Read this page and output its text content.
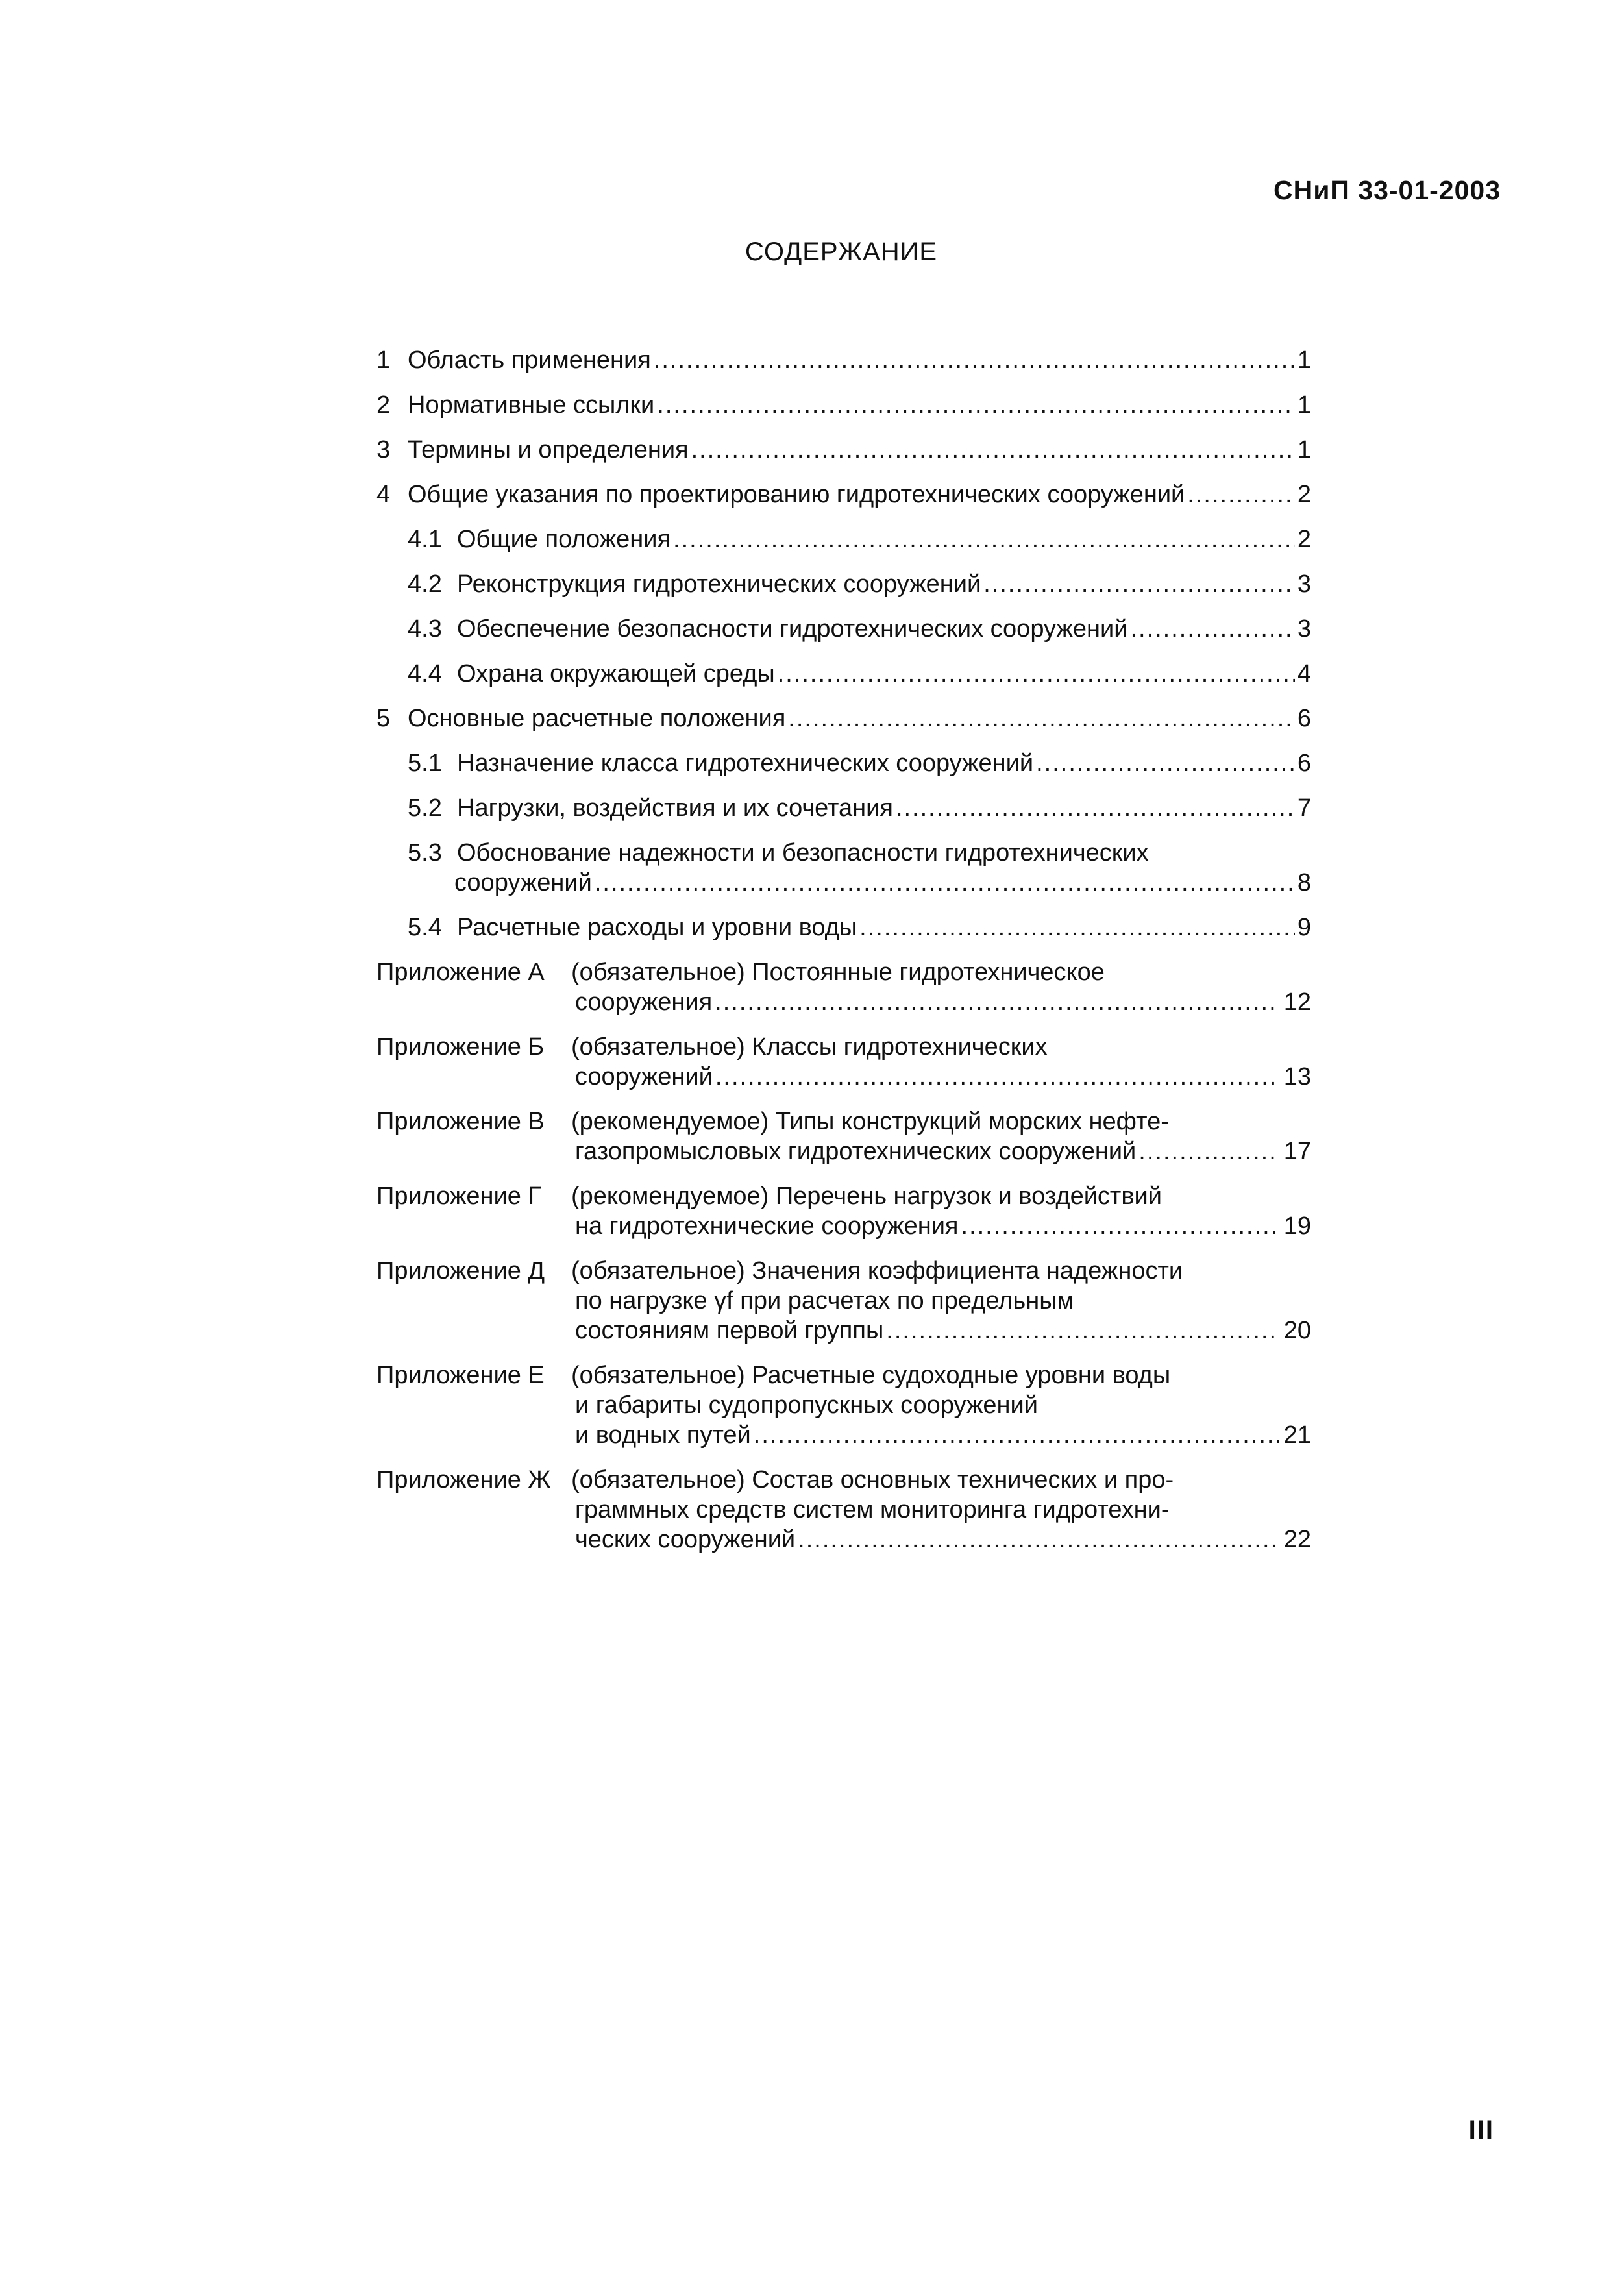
СНиП 33-01-2003
СОДЕРЖАНИЕ
1 Область применения .....	1
2 Нормативные ссылки .....	1
3 Термины и определения .....	1
4 Общие указания по проектированию гидротехнических сооружений .....	2
4.1 Общие положения .....	2
4.2 Реконструкция гидротехнических сооружений .....	3
4.3 Обеспечение безопасности гидротехнических сооружений .....	3
4.4 Охрана окружающей среды .....	4
5 Основные расчетные положения .....	6
5.1 Назначение класса гидротехнических сооружений .....	6
5.2 Нагрузки, воздействия и их сочетания .....	7
5.3 Обоснование надежности и безопасности гидротехнических
сооружений .....	8
5.4 Расчетные расходы и уровни воды .....	9
Приложение А	(обязательное) Постоянные гидротехническое
сооружения .....	12
Приложение Б	(обязательное) Классы гидротехнических
сооружений .....	13
Приложение В	(рекомендуемое) Типы конструкций морских нефте-
газопромысловых гидротехнических сооружений .....	17
Приложение Г	(рекомендуемое) Перечень нагрузок и воздействий
на гидротехнические сооружения .....	19
Приложение Д	(обязательное) Значения коэффициента надежности
по нагрузке γf при расчетах по предельным
состояниям первой группы .....	20
Приложение Е	(обязательное) Расчетные судоходные уровни воды
и габариты судопропускных сооружений
и водных путей .....	21
Приложение Ж (обязательное) Состав основных технических и про-
граммных средств систем мониторинга гидротехни-
ческих сооружений .....	22
III
